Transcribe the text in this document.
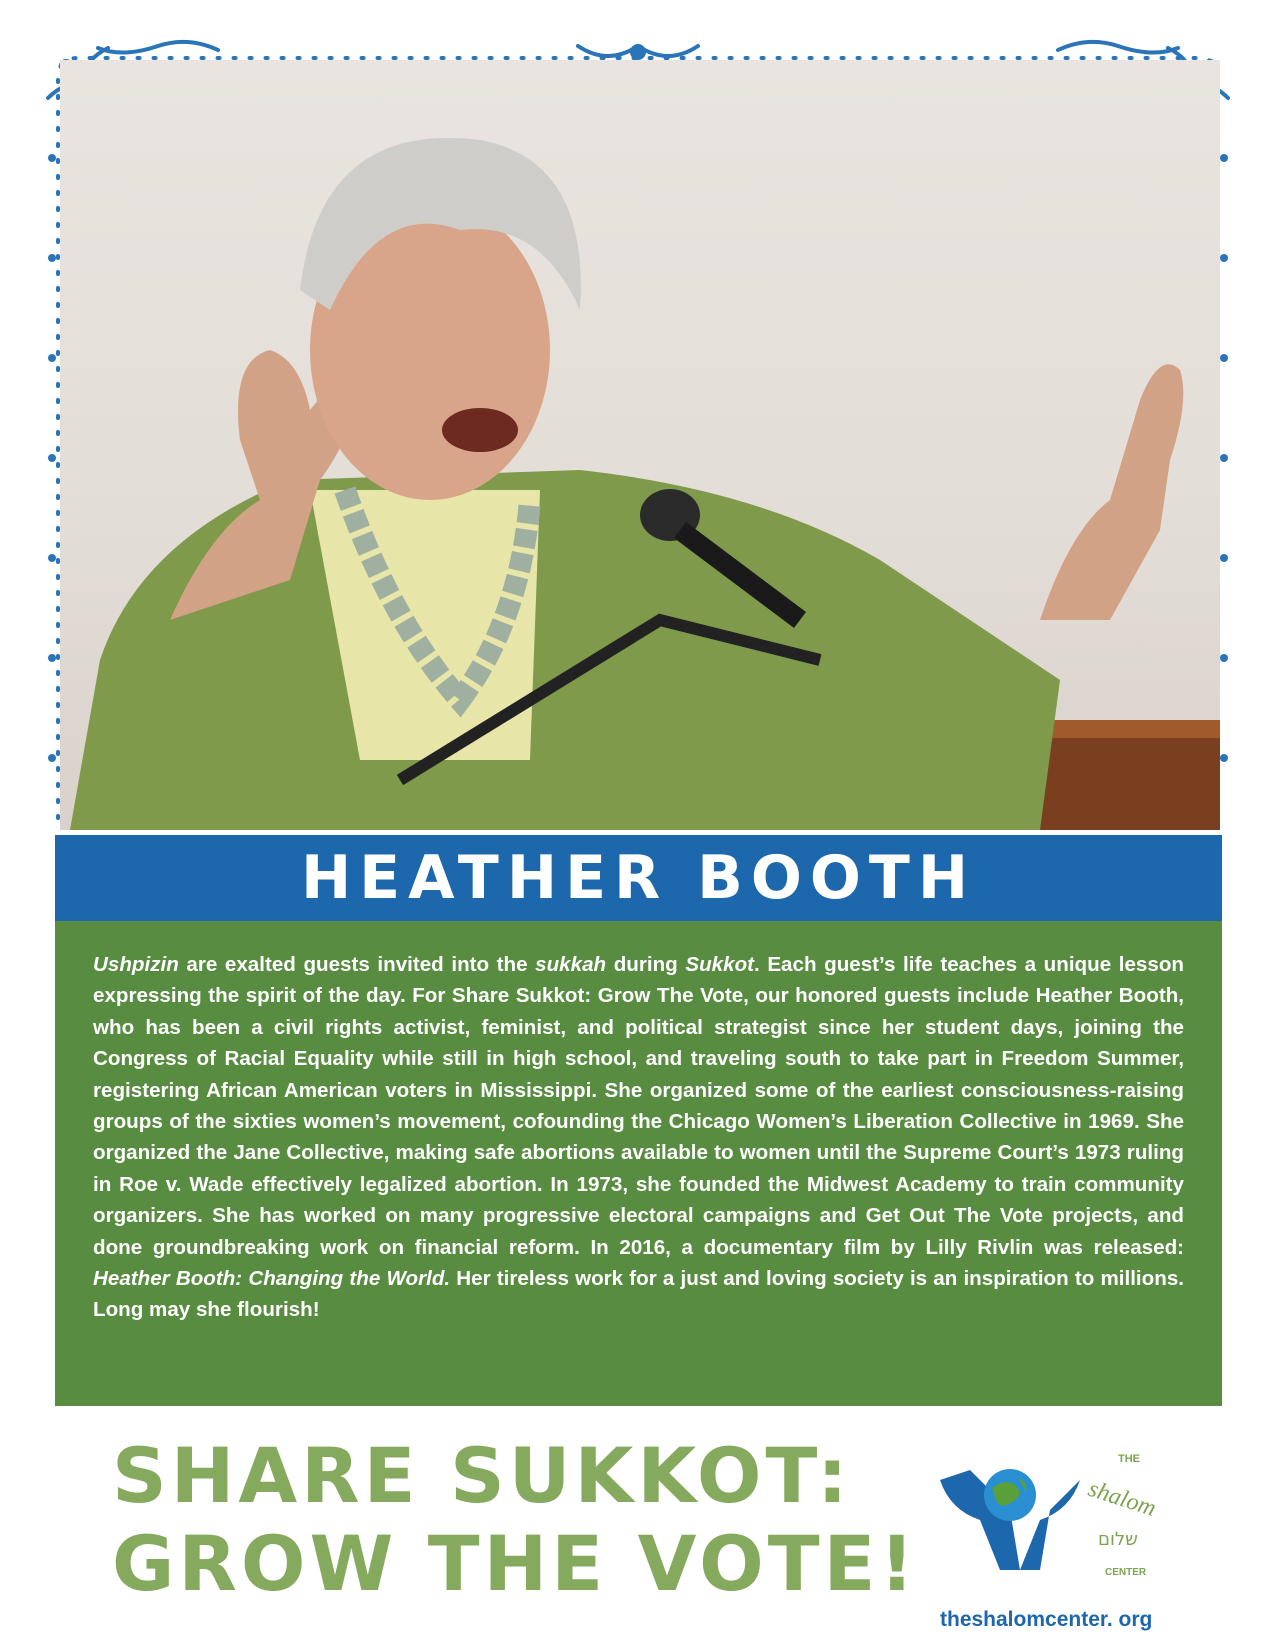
HEATHER BOOTH

Ushpizin are exalted guests invited into the sukkah during Sukkot. Each guest’s life teaches a unique lesson expressing the spirit of the day. For Share Sukkot: Grow The Vote, our honored guests include Heather Booth, who has been a civil rights activist, feminist, and political strategist since her student days, joining the Congress of Racial Equality while still in high school, and traveling south to take part in Freedom Summer, registering African American voters in Mississippi. She organized some of the earliest consciousness-raising groups of the sixties women’s movement, cofounding the Chicago Women’s Liberation Collective in 1969. She organized the Jane Collective, making safe abortions available to women until the Supreme Court’s 1973 ruling in Roe v. Wade effectively legalized abortion. In 1973, she founded the Midwest Academy to train community organizers. She has worked on many progressive electoral campaigns and Get Out The Vote projects, and done groundbreaking work on financial reform. In 2016, a documentary film by Lilly Rivlin was released: Heather Booth: Changing the World. Her tireless work for a just and loving society is an inspiration to millions. Long may she flourish!

SHARE SUKKOT:
GROW THE VOTE!
THE
shalom
שלום
CENTER
theshalomcenter. org
